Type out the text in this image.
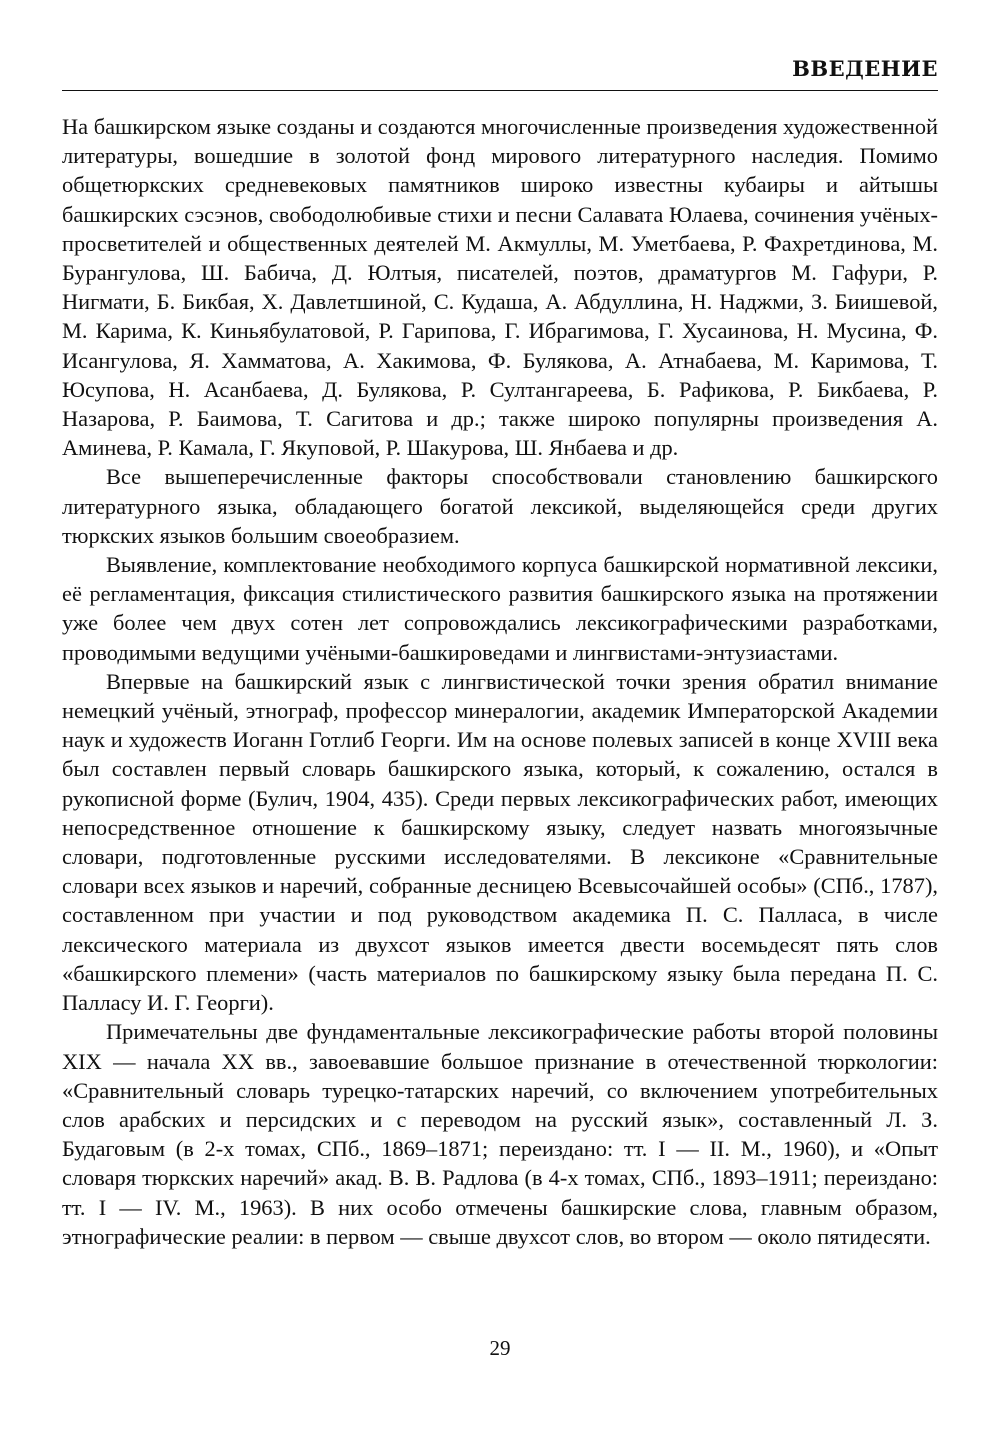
ВВЕДЕНИЕ

На башкирском языке созданы и создаются многочисленные произведения художественной литературы, вошедшие в золотой фонд мирового литературного наследия. Помимо общетюркских средневековых памятников широко известны кубаиры и айтышы башкирских сэсэнов, свободолюбивые стихи и песни Салавата Юлаева, сочинения учёных-просветителей и общественных деятелей М. Акмуллы, М. Уметбаева, Р. Фахретдинова, М. Бурангулова, Ш. Бабича, Д. Юлтыя, писателей, поэтов, драматургов М. Гафури, Р. Нигмати, Б. Бикбая, Х. Давлетшиной, С. Кудаша, А. Абдуллина, Н. Наджми, З. Биишевой, М. Карима, К. Киньябулатовой, Р. Гарипова, Г. Ибрагимова, Г. Хусаинова, Н. Мусина, Ф. Исангулова, Я. Хамматова, А. Хакимова, Ф. Булякова, А. Атнабаева, М. Каримова, Т. Юсупова, Н. Асанбаева, Д. Булякова, Р. Султангареева, Б. Рафикова, Р. Бикбаева, Р. Назарова, Р. Баимова, Т. Сагитова и др.; также широко популярны произведения А. Аминева, Р. Камала, Г. Якуповой, Р. Шакурова, Ш. Янбаева и др.

Все вышеперечисленные факторы способствовали становлению башкирского литературного языка, обладающего богатой лексикой, выделяющейся среди других тюркских языков большим своеобразием.

Выявление, комплектование необходимого корпуса башкирской нормативной лексики, её регламентация, фиксация стилистического развития башкирского языка на протяжении уже более чем двух сотен лет сопровождались лексикографическими разработками, проводимыми ведущими учёными-башкироведами и лингвистами-энтузиастами.

Впервые на башкирский язык с лингвистической точки зрения обратил внимание немецкий учёный, этнограф, профессор минералогии, академик Императорской Академии наук и художеств Иоганн Готлиб Георги. Им на основе полевых записей в конце XVIII века был составлен первый словарь башкирского языка, который, к сожалению, остался в рукописной форме (Булич, 1904, 435). Среди первых лексикографических работ, имеющих непосредственное отношение к башкирскому языку, следует назвать многоязычные словари, подготовленные русскими исследователями. В лексиконе «Сравнительные словари всех языков и наречий, собранные десницею Всевысочайшей особы» (СПб., 1787), составленном при участии и под руководством академика П. С. Палласа, в числе лексического материала из двухсот языков имеется двести восемьдесят пять слов «башкирского племени» (часть материалов по башкирскому языку была передана П. С. Палласу И. Г. Георги).

Примечательны две фундаментальные лексикографические работы второй половины XIX — начала XX вв., завоевавшие большое признание в отечественной тюркологии: «Сравнительный словарь турецко-татарских наречий, со включением употребительных слов арабских и персидских и с переводом на русский язык», составленный Л. З. Будаговым (в 2-х томах, СПб., 1869–1871; переиздано: тт. I — II. М., 1960), и «Опыт словаря тюркских наречий» акад. В. В. Радлова (в 4-х томах, СПб., 1893–1911; переиздано: тт. I — IV. М., 1963). В них особо отмечены башкирские слова, главным образом, этнографические реалии: в первом — свыше двухсот слов, во втором — около пятидесяти.

29
